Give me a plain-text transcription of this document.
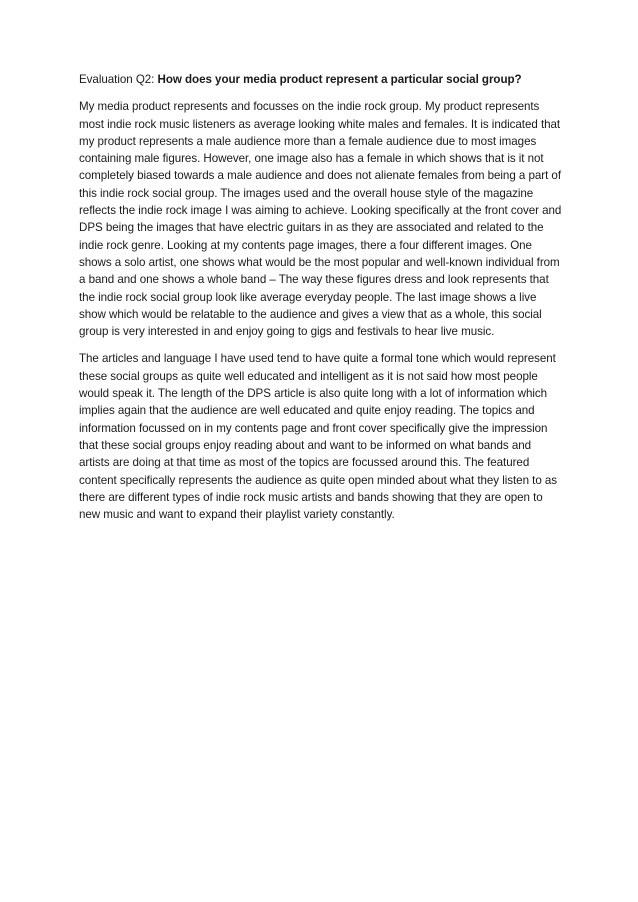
Evaluation Q2: How does your media product represent a particular social group?

My media product represents and focusses on the indie rock group. My product represents most indie rock music listeners as average looking white males and females. It is indicated that my product represents a male audience more than a female audience due to most images containing male figures. However, one image also has a female in which shows that is it not completely biased towards a male audience and does not alienate females from being a part of this indie rock social group. The images used and the overall house style of the magazine reflects the indie rock image I was aiming to achieve. Looking specifically at the front cover and DPS being the images that have electric guitars in as they are associated and related to the indie rock genre. Looking at my contents page images, there a four different images. One shows a solo artist, one shows what would be the most popular and well-known individual from a band and one shows a whole band – The way these figures dress and look represents that the indie rock social group look like average everyday people. The last image shows a live show which would be relatable to the audience and gives a view that as a whole, this social group is very interested in and enjoy going to gigs and festivals to hear live music.

The articles and language I have used tend to have quite a formal tone which would represent these social groups as quite well educated and intelligent as it is not said how most people would speak it. The length of the DPS article is also quite long with a lot of information which implies again that the audience are well educated and quite enjoy reading. The topics and information focussed on in my contents page and front cover specifically give the impression that these social groups enjoy reading about and want to be informed on what bands and artists are doing at that time as most of the topics are focussed around this. The featured content specifically represents the audience as quite open minded about what they listen to as there are different types of indie rock music artists and bands showing that they are open to new music and want to expand their playlist variety constantly.
